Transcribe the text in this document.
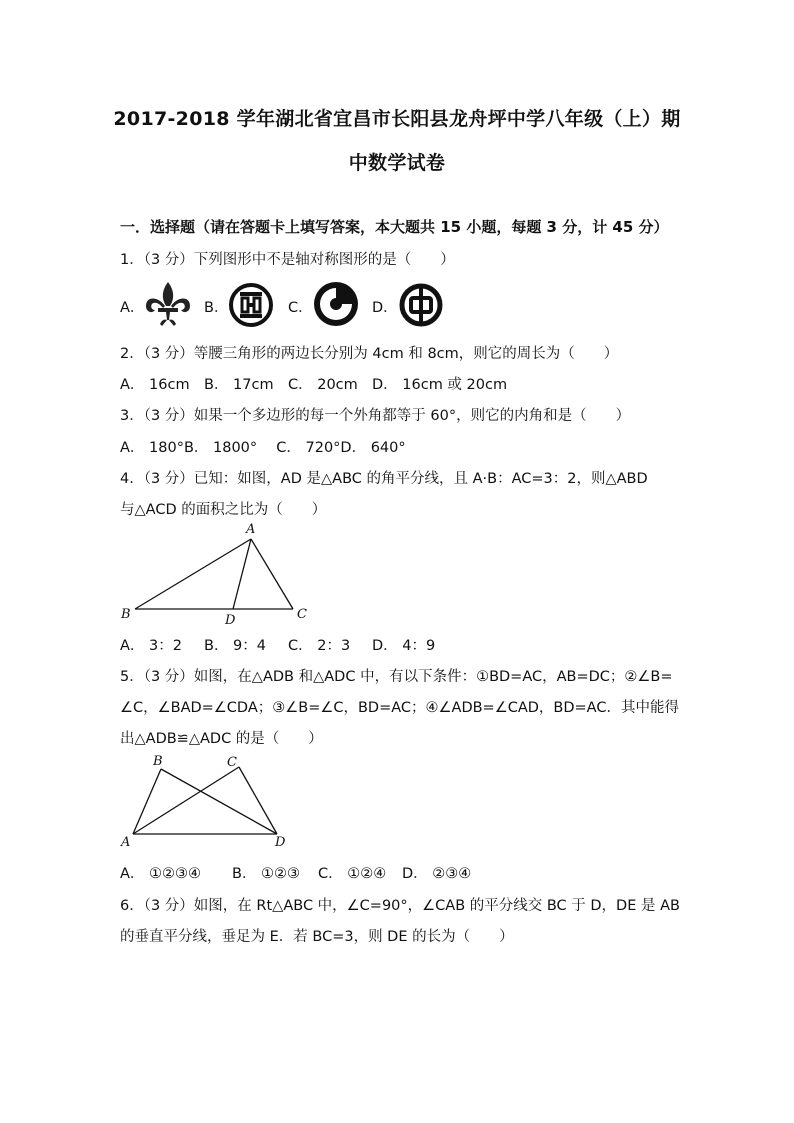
2017-2018 学年湖北省宜昌市长阳县龙舟坪中学八年级（上）期
中数学试卷
一．选择题（请在答题卡上填写答案，本大题共 15 小题，每题 3 分，计 45 分）
1．（3 分）下列图形中不是轴对称图形的是（　　）
A．	B．	C．	D．
2．（3 分）等腰三角形的两边长分别为 4cm 和 8cm，则它的周长为（　　）
A． 16cm B． 17cm C． 20cm D． 16cm 或 20cm
3．（3 分）如果一个多边形的每一个外角都等于 60°，则它的内角和是（　　）
A． 180°B． 1800°　 C． 720°D． 640°
4．（3 分）已知：如图，AD 是△ABC 的角平分线，且 A·B：AC=3：2，则△ABD
与△ACD 的面积之比为（　　）
A
B	C
D
A． 3：2 B． 9：4 C． 2：3 D． 4：9
5．（3 分）如图，在△ADB 和△ADC 中，有以下条件：①BD=AC，AB=DC；②∠B=
∠C，∠BAD=∠CDA；③∠B=∠C，BD=AC；④∠ADB=∠CAD，BD=AC．其中能得
出△ADB≌△ADC 的是（　　）
B	C
A	D
A． ①②③④ B． ①②③ C． ①②④ D． ②③④
6．（3 分）如图，在 Rt△ABC 中，∠C=90°，∠CAB 的平分线交 BC 于 D，DE 是 AB
的垂直平分线，垂足为 E．若 BC=3，则 DE 的长为（　　）
